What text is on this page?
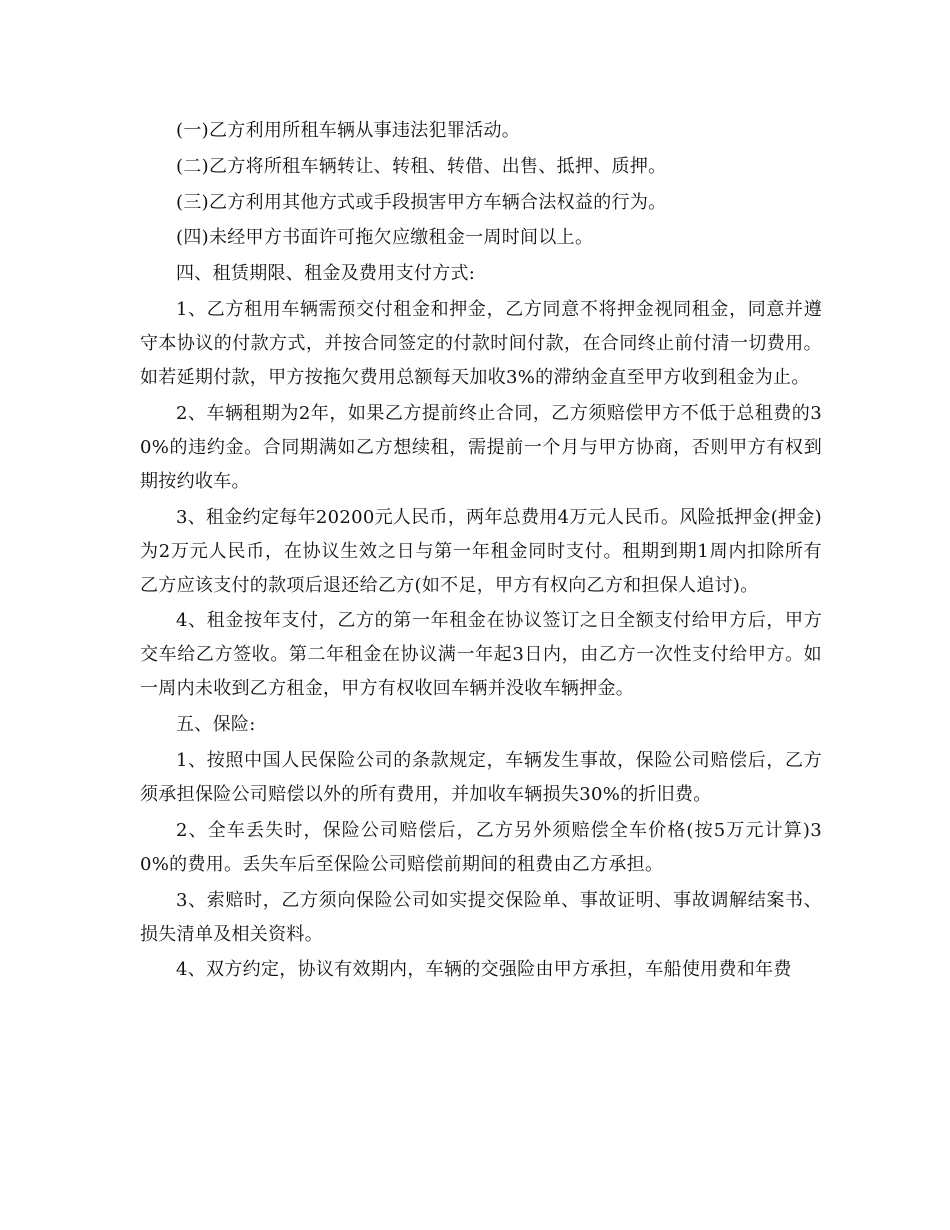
(一)乙方利用所租车辆从事违法犯罪活动。

(二)乙方将所租车辆转让、转租、转借、出售、抵押、质押。

(三)乙方利用其他方式或手段损害甲方车辆合法权益的行为。

(四)未经甲方书面许可拖欠应缴租金一周时间以上。

四、租赁期限、租金及费用支付方式:

1、乙方租用车辆需预交付租金和押金，乙方同意不将押金视同租金，同意并遵守本协议的付款方式，并按合同签定的付款时间付款，在合同终止前付清一切费用。如若延期付款，甲方按拖欠费用总额每天加收3%的滞纳金直至甲方收到租金为止。

2、车辆租期为2年，如果乙方提前终止合同，乙方须赔偿甲方不低于总租费的30%的违约金。合同期满如乙方想续租，需提前一个月与甲方协商，否则甲方有权到期按约收车。

3、租金约定每年20200元人民币，两年总费用4万元人民币。风险抵押金(押金)为2万元人民币，在协议生效之日与第一年租金同时支付。租期到期1周内扣除所有乙方应该支付的款项后退还给乙方(如不足，甲方有权向乙方和担保人追讨)。

4、租金按年支付，乙方的第一年租金在协议签订之日全额支付给甲方后，甲方交车给乙方签收。第二年租金在协议满一年起3日内，由乙方一次性支付给甲方。如一周内未收到乙方租金，甲方有权收回车辆并没收车辆押金。

五、保险:

1、按照中国人民保险公司的条款规定，车辆发生事故，保险公司赔偿后，乙方须承担保险公司赔偿以外的所有费用，并加收车辆损失30%的折旧费。

2、全车丢失时，保险公司赔偿后，乙方另外须赔偿全车价格(按5万元计算)30%的费用。丢失车后至保险公司赔偿前期间的租费由乙方承担。

3、索赔时，乙方须向保险公司如实提交保险单、事故证明、事故调解结案书、损失清单及相关资料。

4、双方约定，协议有效期内，车辆的交强险由甲方承担，车船使用费和年费
